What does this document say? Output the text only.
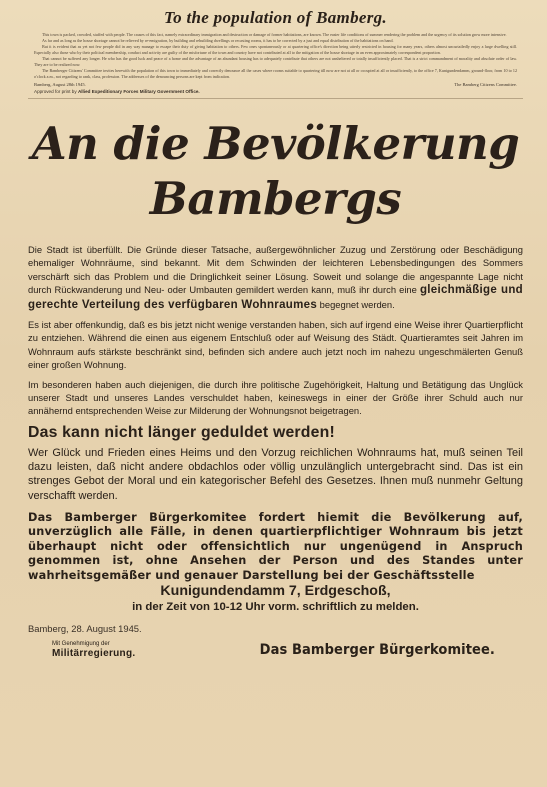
To the population of Bamberg.

This town is packed, crowded, stuffed with people. The causes of this fact, namely extraordinary immigration and destruction or damage of former habitations, are known. The easier life conditions of summer rendering the problem and the urgency of its solution grow more intensive.

As far and as long as the house shortage cannot be relieved by re-emigration, by building and rebuilding dwellings or recasting rooms, it has to be corrected by a just and equal distribution of the habitations on hand.

But it is evident that as yet not few people did in any way manage to escape their duty of giving habitation to others. Few ones spontaneously or at quartering office's direction being utterly restricted in housing for many years, others almost uncurtailedly enjoy a large dwelling still. Especially also those who by their political membership, conduct and activity are guilty of the misfortune of the town and country have not contributed at all to the mitigation of the house shortage in an even approximately correspondent proportion.

That cannot be suffered any longer. He who has the good luck and peace of a home and the advantage of an abundant housing has to adequately contribute that others are not unsheltered or totally insufficiently placed. That is a strict commandment of morality and absolute order of law. They are to be realized now.

The Bamberger Citizens' Committee invites herewith the population of this town to immediately and correctly denounce all the cases where rooms suitable to quartering till now are not at all or occupied at all or insufficiently, to the office 7, Kunigundendamm, ground-floor, from 10 to 12 o'clock a.m., not regarding to rank, class, profession. The addresses of the denouncing persons are kept from indication.

Bamberg, August 28th 1945.	The Bamberg Citizens Committee.
Approved for print by Allied Expeditionary Forces Military Government Office.
An die Bevölkerung
Bambergs

Die Stadt ist überfüllt. Die Gründe dieser Tatsache, außergewöhnlicher Zuzug und Zerstörung oder Beschädigung ehemaliger Wohnräume, sind bekannt. Mit dem Schwinden der leichteren Lebensbedingungen des Sommers verschärft sich das Problem und die Dringlichkeit seiner Lösung. Soweit und solange die angespannte Lage nicht durch Rückwanderung und Neu- oder Umbauten gemildert werden kann, muß ihr durch eine gleichmäßige und gerechte Verteilung des verfügbaren Wohnraumes begegnet werden.

Es ist aber offenkundig, daß es bis jetzt nicht wenige verstanden haben, sich auf irgend eine Weise ihrer Quartierpflicht zu entziehen. Während die einen aus eigenem Entschluß oder auf Weisung des Städt. Quartieramtes seit Jahren im Wohnraum aufs stärkste beschränkt sind, befinden sich andere auch jetzt noch im nahezu ungeschmälerten Genuß einer großen Wohnung.

Im besonderen haben auch diejenigen, die durch ihre politische Zugehörigkeit, Haltung und Betätigung das Unglück unserer Stadt und unseres Landes verschuldet haben, keineswegs in einer der Größe ihrer Schuld auch nur annähernd entsprechenden Weise zur Milderung der Wohnungsnot beigetragen.

Das kann nicht länger geduldet werden!
Wer Glück und Frieden eines Heims und den Vorzug reichlichen Wohnraums hat, muß seinen Teil dazu leisten, daß nicht andere obdachlos oder völlig unzulänglich untergebracht sind. Das ist ein strenges Gebot der Moral und ein kategorischer Befehl des Gesetzes. Ihnen muß nunmehr Geltung verschafft werden.
Das Bamberger Bürgerkomitee fordert hiemit die Bevölkerung auf, unverzüglich alle Fälle, in denen quartierpflichtiger Wohnraum bis jetzt überhaupt nicht oder offensichtlich nur ungenügend in Anspruch genommen ist, ohne Ansehen der Person und des Standes unter wahrheitsgemäßer und genauer Darstellung bei der Geschäftsstelle
Kunigundendamm 7, Erdgeschoß,
in der Zeit von 10-12 Uhr vorm. schriftlich zu melden.
Bamberg, 28. August 1945.
Mit Genehmigung der
Militärregierung.	Das Bamberger Bürgerkomitee.
